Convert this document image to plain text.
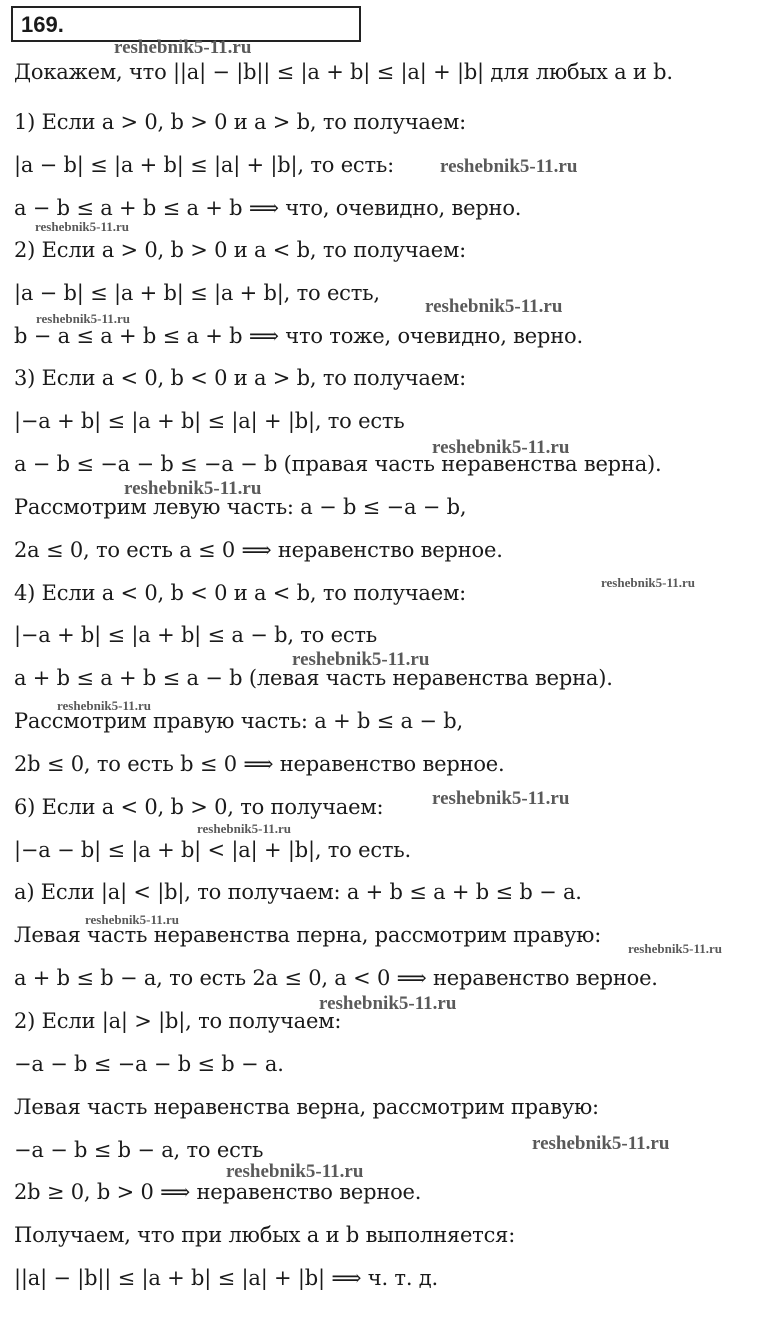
169.
Докажем, что ||a| − |b|| ≤ |a + b| ≤ |a| + |b| для любых a и b.
1) Если a > 0, b > 0 и a > b, то получаем:
|a − b| ≤ |a + b| ≤ |a| + |b|, то есть:
a − b ≤ a + b ≤ a + b ⟹ что, очевидно, верно.
2) Если a > 0, b > 0 и a < b, то получаем:
|a − b| ≤ |a + b| ≤ |a + b|, то есть,
b − a ≤ a + b ≤ a + b ⟹ что тоже, очевидно, верно.
3) Если a < 0, b < 0 и a > b, то получаем:
|−a + b| ≤ |a + b| ≤ |a| + |b|, то есть
a − b ≤ −a − b ≤ −a − b (правая часть неравенства верна).
Рассмотрим левую часть: a − b ≤ −a − b,
2a ≤ 0, то есть a ≤ 0 ⟹ неравенство верное.
4) Если a < 0, b < 0 и a < b, то получаем:
|−a + b| ≤ |a + b| ≤ a − b, то есть
a + b ≤ a + b ≤ a − b (левая часть неравенства верна).
Рассмотрим правую часть: a + b ≤ a − b,
2b ≤ 0, то есть b ≤ 0 ⟹ неравенство верное.
6) Если a < 0, b > 0, то получаем:
|−a − b| ≤ |a + b| < |a| + |b|, то есть.
а) Если |a| < |b|, то получаем: a + b ≤ a + b ≤ b − a.
Левая часть неравенства перна, рассмотрим правую:
a + b ≤ b − a, то есть 2a ≤ 0, a < 0 ⟹ неравенство верное.
2) Если |a| > |b|, то получаем:
−a − b ≤ −a − b ≤ b − a.
Левая часть неравенства верна, рассмотрим правую:
−a − b ≤ b − a, то есть
2b ≥ 0, b > 0 ⟹ неравенство верное.
Получаем, что при любых a и b выполняется:
||a| − |b|| ≤ |a + b| ≤ |a| + |b| ⟹ ч. т. д.
reshebnik5-11.ru
reshebnik5-11.ru
reshebnik5-11.ru
reshebnik5-11.ru
reshebnik5-11.ru
reshebnik5-11.ru
reshebnik5-11.ru
reshebnik5-11.ru
reshebnik5-11.ru
reshebnik5-11.ru
reshebnik5-11.ru
reshebnik5-11.ru
reshebnik5-11.ru
reshebnik5-11.ru
reshebnik5-11.ru
reshebnik5-11.ru
reshebnik5-11.ru
